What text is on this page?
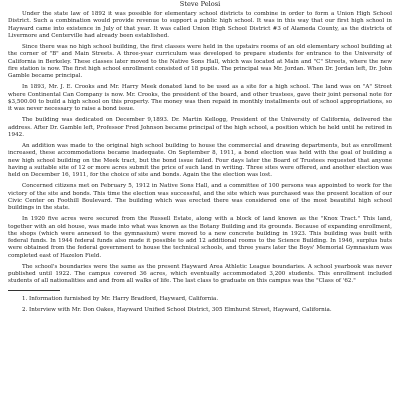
Steve Pelosi

Under the state law of 1892 it was possible for elementary school districts to combine in order to form a Union High School District. Such a combination would provide revenue to support a public high school. It was in this way that our first high school in Hayward came into existence in July of that year. It was called Union High School District #3 of Alameda County, as the districts of Livermore and Centerville had already been established.

Since there was no high school building, the first classes were held in the upstairs rooms of an old elementary school building at the corner of "B" and Main Streets. A three-year curriculum was developed to prepare students for entrance to the University of California in Berkeley. These classes later moved to the Native Sons Hall, which was located at Main and "C" Streets, where the new fire station is now. The first high school enrollment consisted of 18 pupils. The principal was Mr. Jordan. When Dr. Jordan left, Dr. John Gamble became principal.

In 1893, Mr. J. E. Crooks and Mr. Harry Meek donated land to be used as a site for a high school. The land was on "A" Street where Continental Can Company is now. Mr. Crooks, the president of the board, and other trustees, gave their joint personal note for $3,500.00 to build a high school on this property. The money was then repaid in monthly installments out of school appropriations, so it was never necessary to raise a bond issue.

The building was dedicated on December 9,1893. Dr. Martin Kellogg, President of the University of California, delivered the address. After Dr. Gamble left, Professor Fred Johnson became principal of the high school, a position which he held until he retired in 1942.

An addition was made to the original high school building to house the commercial and drawing departments, but as enrollment increased, these accommodations became inadequate. On September 8, 1911, a bond election was held with the goal of building a new high school building on the Meek tract, but the bond issue failed. Four days later the Board of Trustees requested that anyone having a suitable site of 12 or more acres submit the price of such land in writing. Three sites were offered, and another election was held on December 16, 1911, for the choice of site and bonds. Again the the election was lost.

Concerned citizens met on February 5, 1912 in Native Sons Hall, and a committee of 100 persons was appointed to work for the victory of the site and bonds. This time the election was successful, and the site which was purchased was the present location of our Civic Center on Foothill Boulevard. The building which was erected there was considered one of the most beautiful high school buildings in the state.

In 1920 five acres were secured from the Russell Estate, along with a block of land known as the "Knox Tract." This land, together with an old house, was made into what was known as the Botany Building and its grounds. Because of expanding enrollment, the shops (which were annexed to the gymnasium) were moved to a new concrete building in 1923. This building was built with federal funds. In 1944 federal funds also made it possible to add 12 additional rooms to the Science Building. In 1946, surplus huts were obtained from the federal government to house the technical schools, and three years later the Boys' Memorial Gymnasium was completed east of Hazelon Field.

The school's boundaries were the same as the present Hayward Area Athletic League boundaries. A school yearbook was never published until 1922. The campus covered 36 acres, which eventually accommodated 3,200 students. This enrollment included students of all nationalities and and from all walks of life. The last class to graduate on this campus was the "Class of '62."

1. Information furnished by Mr. Harry Bradford, Hayward, California.

2. Interview with Mr. Don Oakes, Hayward Unified School District, 305 Elmhurst Street, Hayward, California.
